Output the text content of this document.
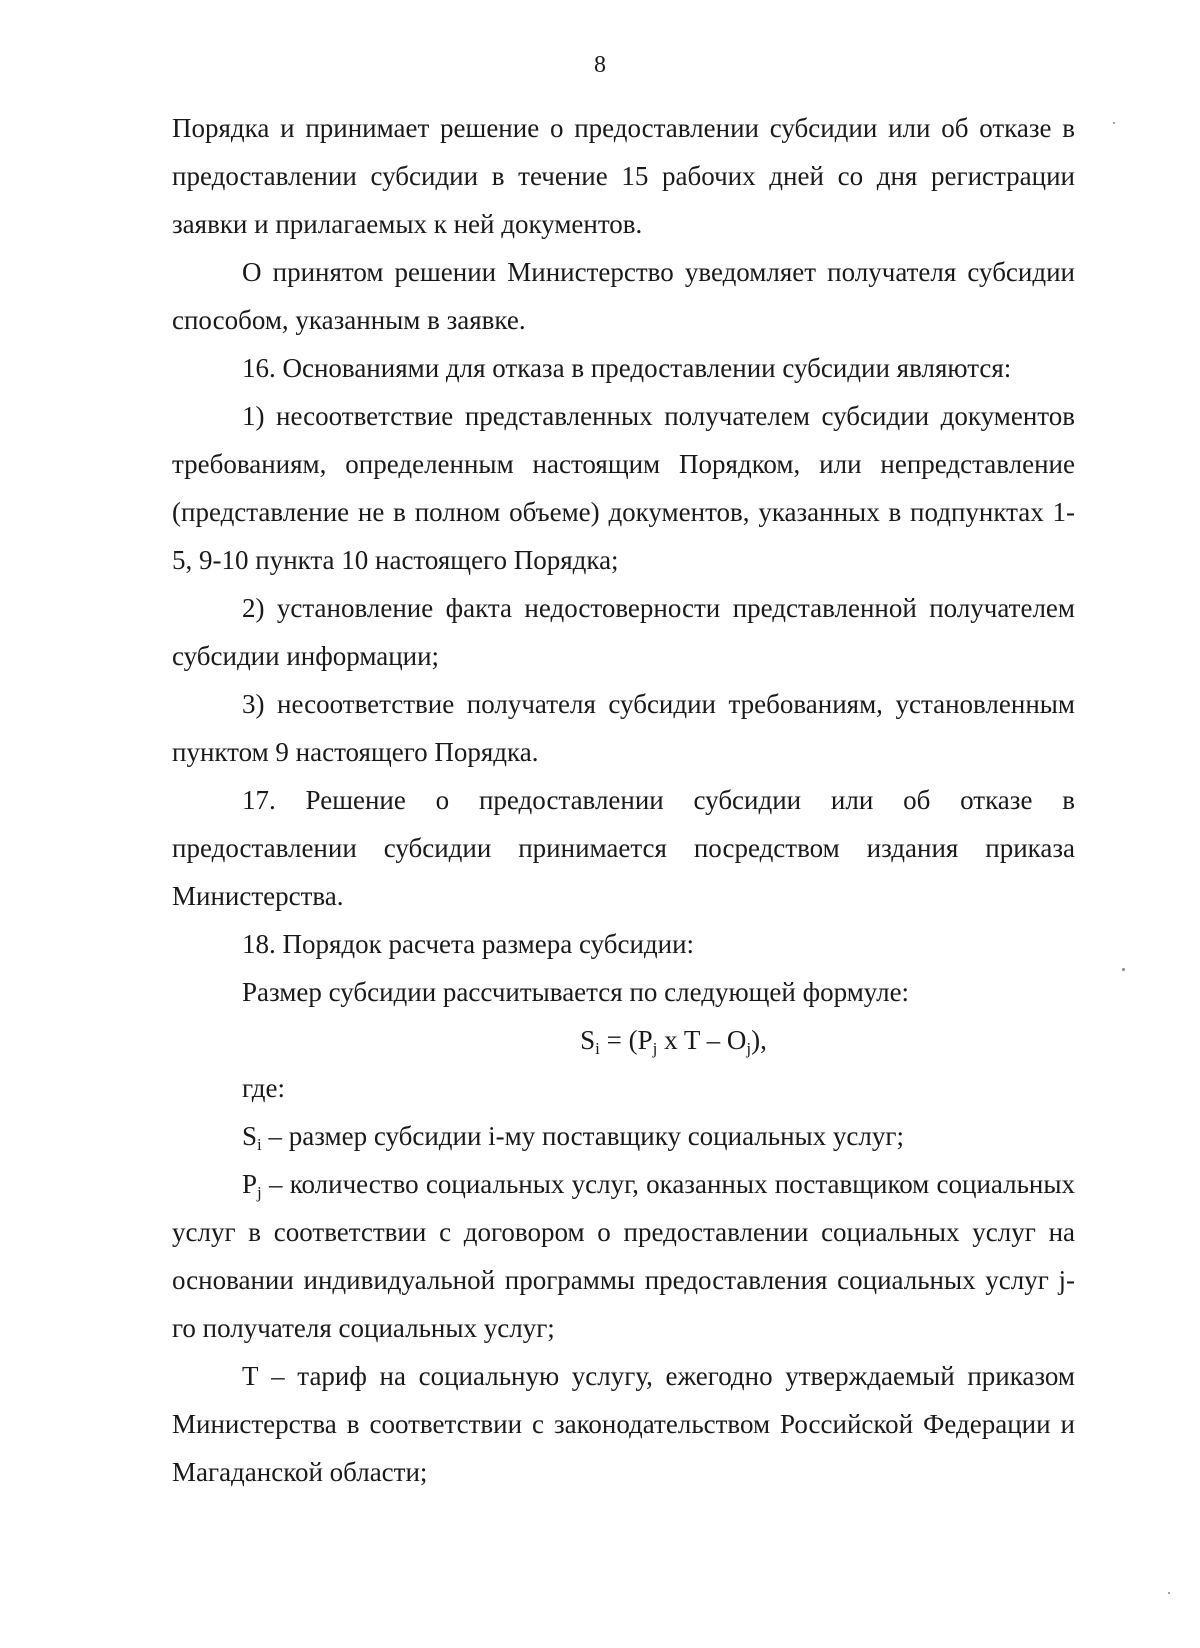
8

Порядка и принимает решение о предоставлении субсидии или об отказе в предоставлении субсидии в течение 15 рабочих дней со дня регистрации заявки и прилагаемых к ней документов.

О принятом решении Министерство уведомляет получателя субсидии способом, указанным в заявке.

16. Основаниями для отказа в предоставлении субсидии являются:

1) несоответствие представленных получателем субсидии документов требованиям, определенным настоящим Порядком, или непредставление (представление не в полном объеме) документов, указанных в подпунктах 1-5, 9-10 пункта 10 настоящего Порядка;

2) установление факта недостоверности представленной получателем субсидии информации;

3) несоответствие получателя субсидии требованиям, установленным пунктом 9 настоящего Порядка.

17. Решение о предоставлении субсидии или об отказе в предоставлении субсидии принимается посредством издания приказа Министерства.

18. Порядок расчета размера субсидии:

Размер субсидии рассчитывается по следующей формуле:

$S_i = (P_j$ x T – $O_j$),

где:

$S_i$ – размер субсидии i-му поставщику социальных услуг;

$P_j$ – количество социальных услуг, оказанных поставщиком социальных услуг в соответствии с договором о предоставлении социальных услуг на основании индивидуальной программы предоставления социальных услуг j-го получателя социальных услуг;

Т – тариф на социальную услугу, ежегодно утверждаемый приказом Министерства в соответствии с законодательством Российской Федерации и Магаданской области;
